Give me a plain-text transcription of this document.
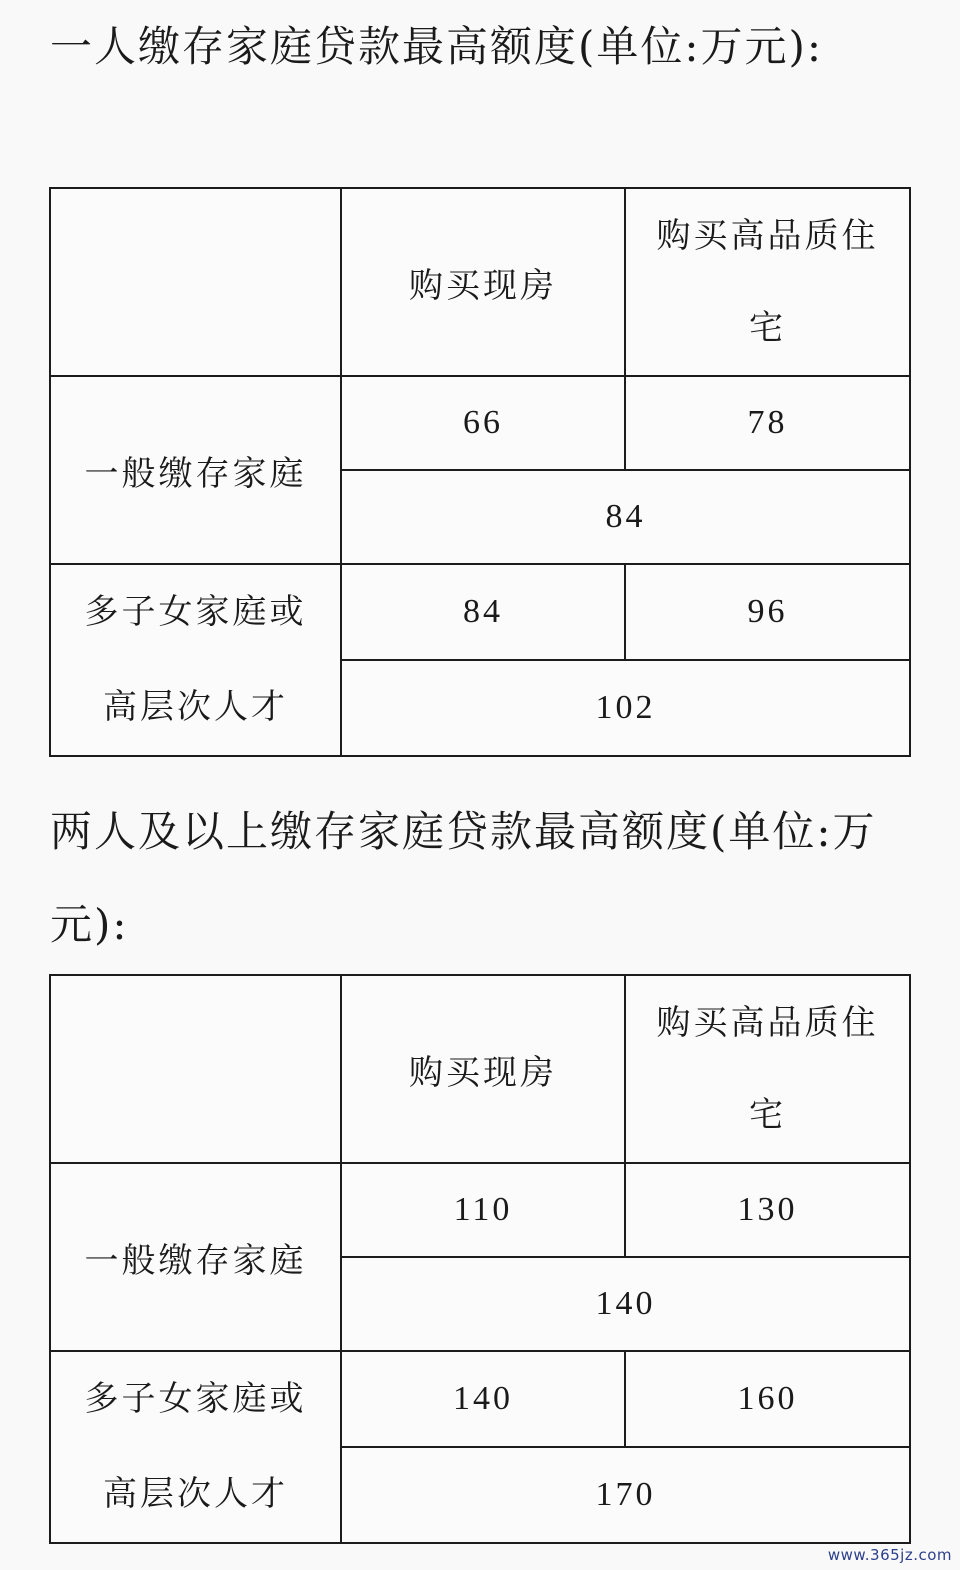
一人缴存家庭贷款最高额度(单位:万元):
	购买现房	购买高品质住宅

一般缴存家庭	66	78
	84	

多子女家庭或高层次人才	84	96
	102	
两人及以上缴存家庭贷款最高额度(单位:万元):
	购买现房	购买高品质住宅

一般缴存家庭	110	130
	140	

多子女家庭或高层次人才	140	160
	170	
www.365jz.com
